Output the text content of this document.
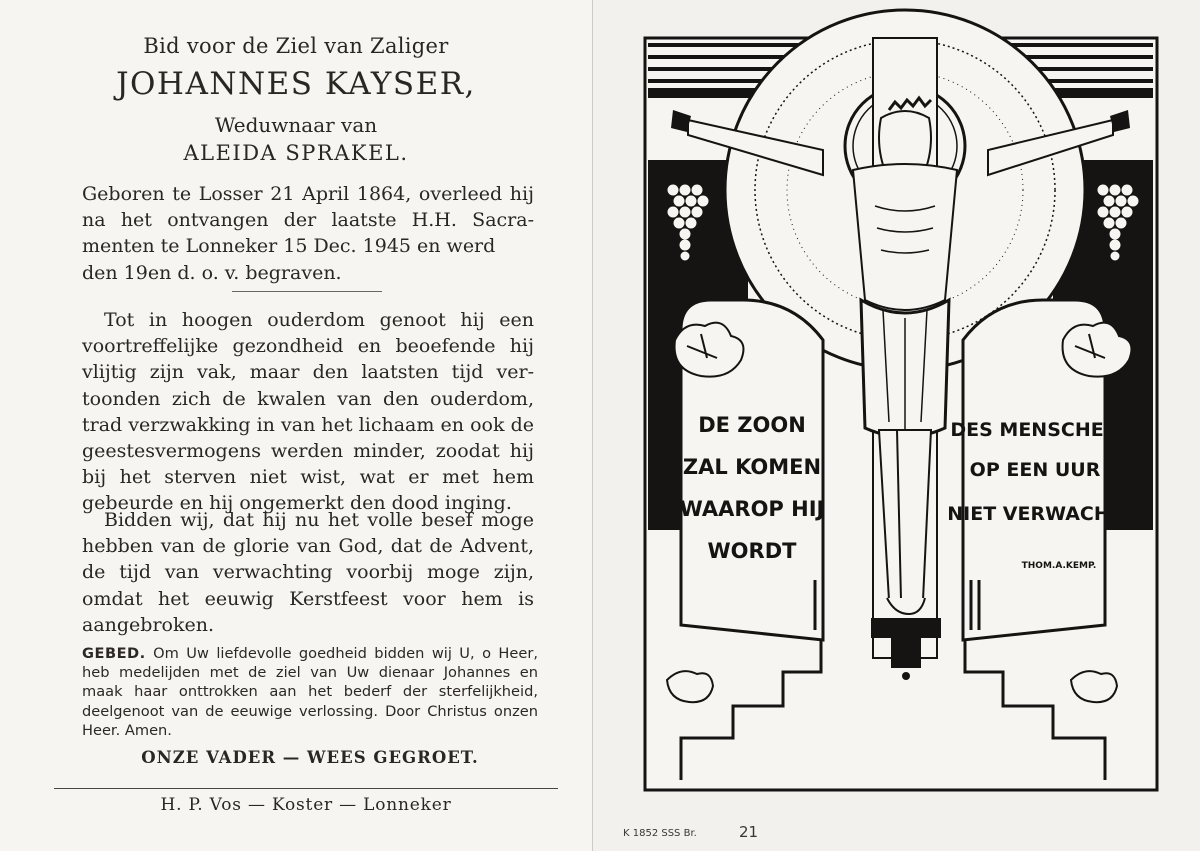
Bid voor de Ziel van Zaliger
JOHANNES KAYSER,
Weduwnaar van
ALEIDA SPRAKEL.
Geboren te Losser 21 April 1864, overleed hij na het ontvangen der laatste H.H. Sacra- menten te Lonneker 15 Dec. 1945 en werd
den 19en d. o. v. begraven.
Tot in hoogen ouderdom genoot hij een voortreffelijke gezondheid en beoefende hij vlijtig zijn vak, maar den laatsten tijd ver- toonden zich de kwalen van den ouderdom, trad verzwakking in van het lichaam en ook de geestesvermogens werden minder, zoodat hij bij het sterven niet wist, wat er met hem gebeurde en hij ongemerkt den dood inging.
Bidden wij, dat hij nu het volle besef moge hebben van de glorie van God, dat de Advent, de tijd van verwachting voorbij moge zijn, omdat het eeuwig Kerstfeest voor hem is aangebroken.
GEBED. Om Uw liefdevolle goedheid bidden wij U, o Heer, heb medelijden met de ziel van Uw dienaar Johannes en maak haar onttrokken aan het bederf der sterfelijkheid, deelgenoot van de eeuwige verlossing. Door Christus onzen Heer. Amen.
ONZE VADER — WEES GEGROET.
H. P. Vos — Koster — Lonneker
DE ZOON
ZAL KOMEN
WAAROP HIJ
WORDT
DES MENSCHEN
OP EEN UUR
NIET VERWACHT
THOM.A.KEMP.
K 1852 SSS Br.	21
